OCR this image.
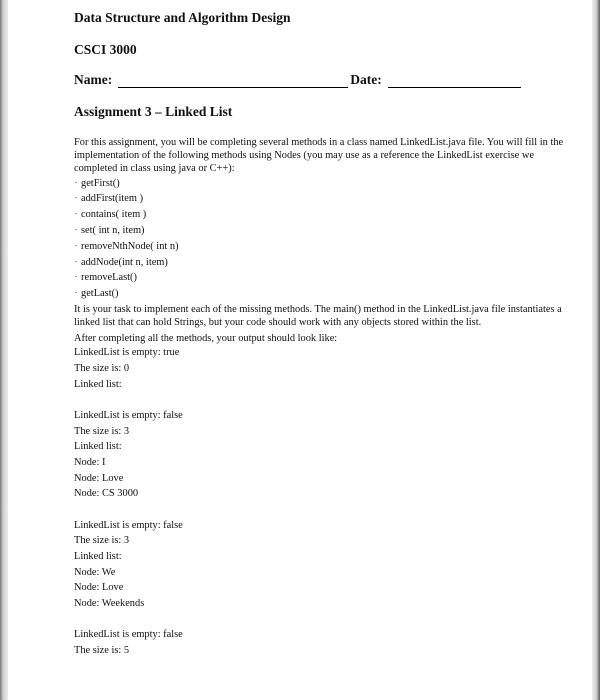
Data Structure and Algorithm Design
CSCI 3000
Name:	Date:
Assignment 3 – Linked List

For this assignment, you will be completing several methods in a class named LinkedList.java file. You will fill in the implementation of the following methods using Nodes (you may use as a reference the LinkedList exercise we completed in class using java or C++):

· getFirst()
· addFirst(item )
· contains( item )
· set( int n, item)
· removeNthNode( int n)
· addNode(int n, item)
· removeLast()
· getLast()

It is your task to implement each of the missing methods. The main() method in the LinkedList.java file instantiates a linked list that can hold Strings, but your code should work with any objects stored within the list.

After completing all the methods, your output should look like:

LinkedList is empty: true
The size is: 0
Linked list:
LinkedList is empty: false
The size is: 3
Linked list:
Node: I
Node: Love
Node: CS 3000
LinkedList is empty: false
The size is: 3
Linked list:
Node: We
Node: Love
Node: Weekends
LinkedList is empty: false
The size is: 5
